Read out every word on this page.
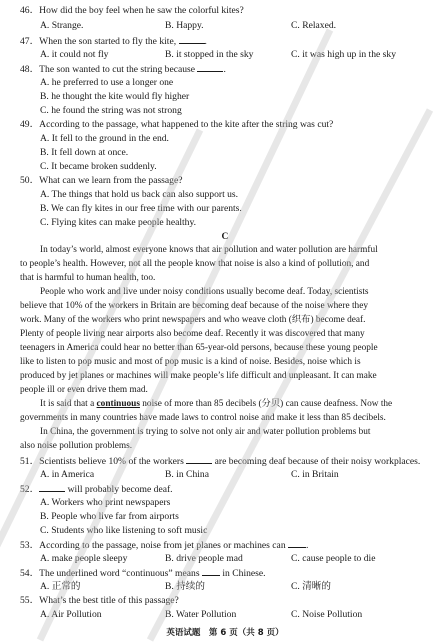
46．How did the boy feel when he saw the colorful kites?
A. Strange.	B. Happy.	C. Relaxed.
47．When the son started to fly the kite,	.
A. it could not fly	B. it stopped in the sky	C. it was high up in the sky
48．The son wanted to cut the string because	.
A. he preferred to use a longer one
B. he thought the kite would fly higher
C. he found the string was not strong
49．According to the passage, what happened to the kite after the string was cut?
A. It fell to the ground in the end.
B. It fell down at once.
C. It became broken suddenly.
50．What can we learn from the passage?
A. The things that hold us back can also support us.
B. We can fly kites in our free time with our parents.
C. Flying kites can make people healthy.
C
In today’s world, almost everyone knows that air pollution and water pollution are harmful
to people’s health. However, not all the people know that noise is also a kind of pollution, and
that is harmful to human health, too.
People who work and live under noisy conditions usually become deaf. Today, scientists
believe that 10% of the workers in Britain are becoming deaf because of the noise where they
work. Many of the workers who print newspapers and who weave cloth (织布) become deaf.
Plenty of people living near airports also become deaf. Recently it was discovered that many
teenagers in America could hear no better than 65-year-old persons, because these young people
like to listen to pop music and most of pop music is a kind of noise. Besides, noise which is
produced by jet planes or machines will make people’s life difficult and unpleasant. It can make
people ill or even drive them mad.
It is said that a continuous noise of more than 85 decibels (分贝) can cause deafness. Now the
governments in many countries have made laws to control noise and make it less than 85 decibels.
In China, the government is trying to solve not only air and water pollution problems but
also noise pollution problems.
51．Scientists believe 10% of the workers	are becoming deaf because of their noisy workplaces.
A. in America	B. in China	C. in Britain
52．	will probably become deaf.
A. Workers who print newspapers
B. People who live far from airports
C. Students who like listening to soft music
53．According to the passage, noise from jet planes or machines can .
A. make people sleepy	B. drive people mad	C. cause people to die
54．The underlined word “continuous” means in Chinese.
A. 正常的	B. 持续的	C. 清晰的
55．What’s the best title of this passage?
A. Air Pollution	B. Water Pollution	C. Noise Pollution
英语试题　第 6 页（共 8 页）
